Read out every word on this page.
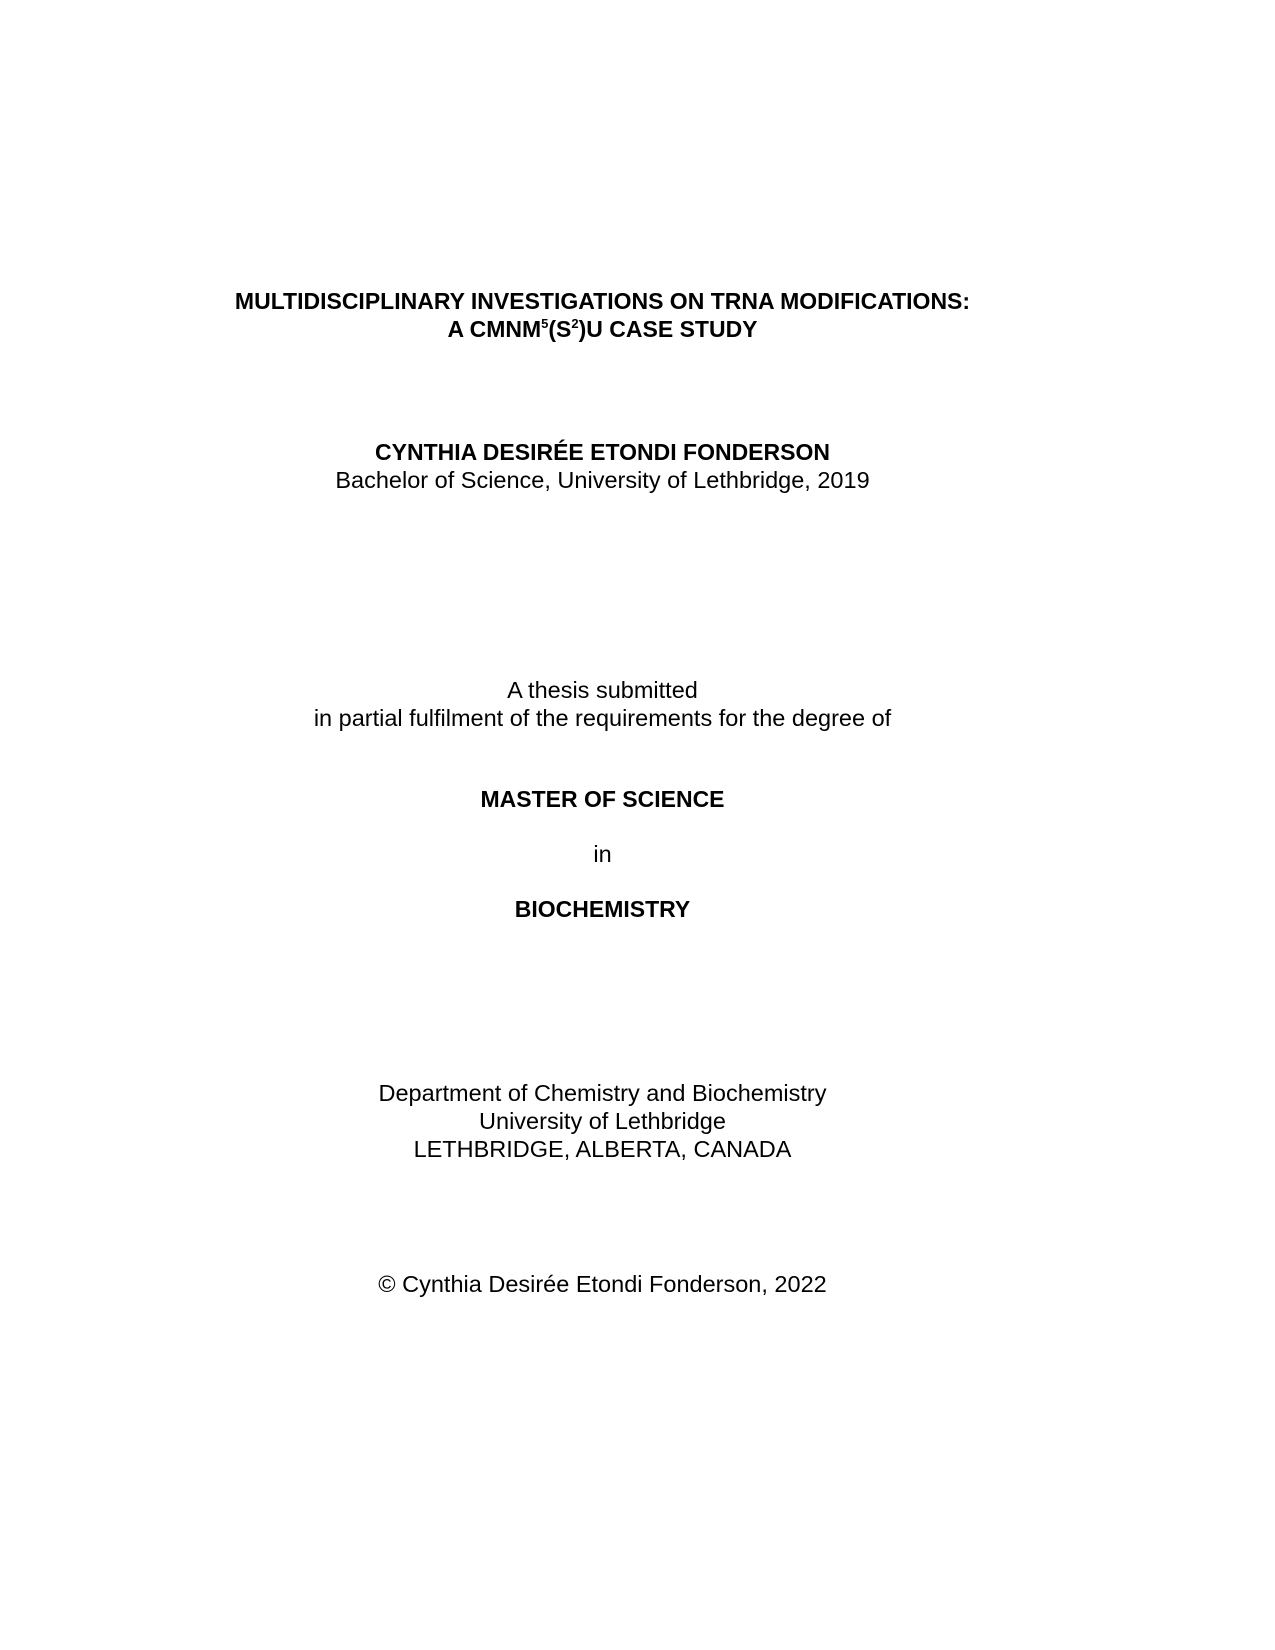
MULTIDISCIPLINARY INVESTIGATIONS ON TRNA MODIFICATIONS:
A $CMNM^5(S^2)U$ CASE STUDY
CYNTHIA DESIRÉE ETONDI FONDERSON
Bachelor of Science, University of Lethbridge, 2019
A thesis submitted
in partial fulfilment of the requirements for the degree of
MASTER OF SCIENCE
in
BIOCHEMISTRY
Department of Chemistry and Biochemistry
University of Lethbridge
LETHBRIDGE, ALBERTA, CANADA
© Cynthia Desirée Etondi Fonderson, 2022
